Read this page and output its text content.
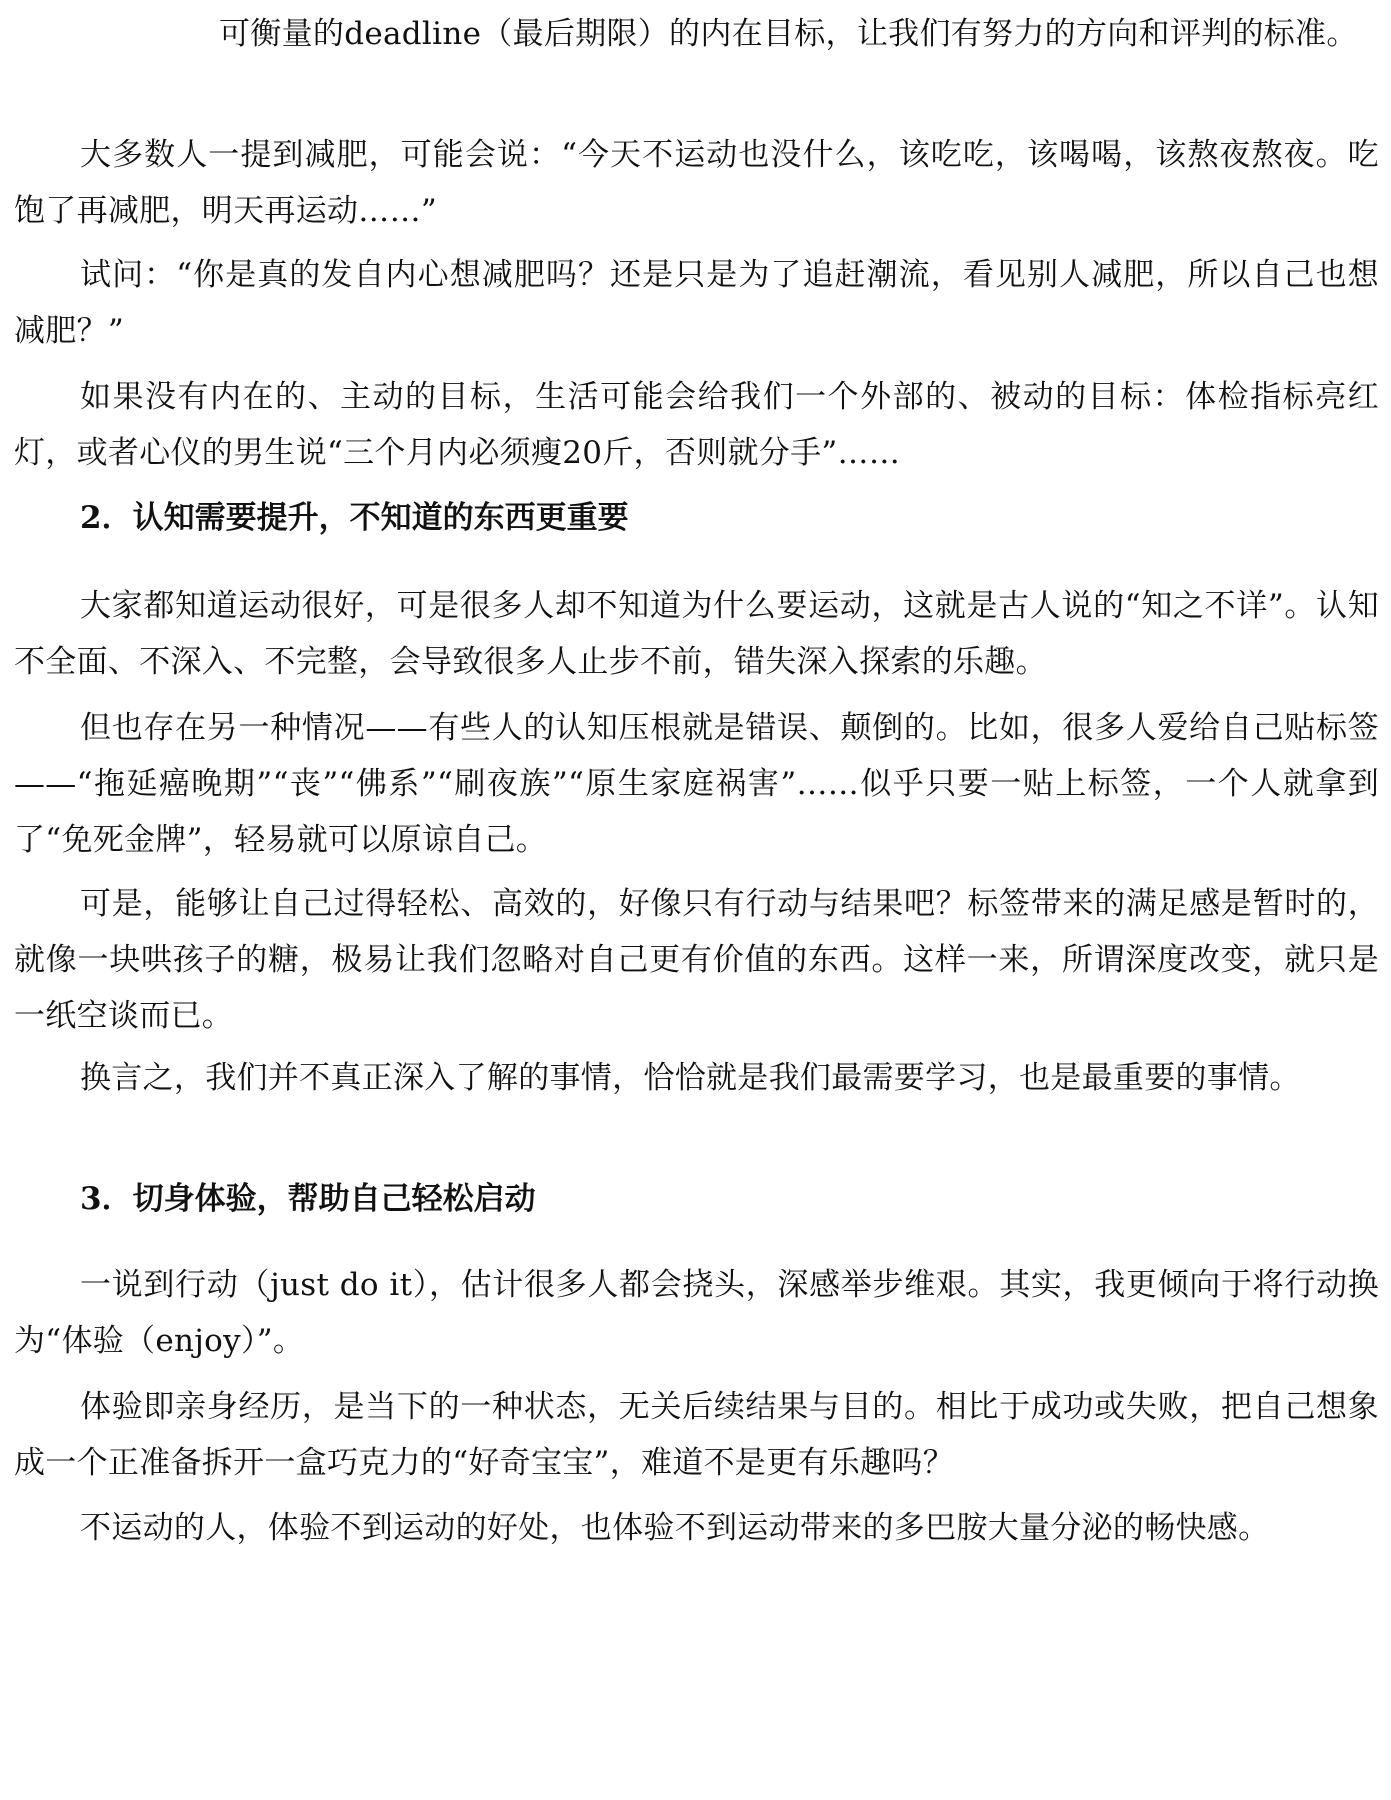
可衡量的deadline（最后期限）的内在目标，让我们有努力的方向和评判的标准。

大多数人一提到减肥，可能会说：“今天不运动也没什么，该吃吃，该喝喝，该熬夜熬夜。吃饱了再减肥，明天再运动……”

试问：“你是真的发自内心想减肥吗？还是只是为了追赶潮流，看见别人减肥，所以自己也想减肥？”

如果没有内在的、主动的目标，生活可能会给我们一个外部的、被动的目标：体检指标亮红灯，或者心仪的男生说“三个月内必须瘦20斤，否则就分手”……

2．认知需要提升，不知道的东西更重要

大家都知道运动很好，可是很多人却不知道为什么要运动，这就是古人说的“知之不详”。认知不全面、不深入、不完整，会导致很多人止步不前，错失深入探索的乐趣。

但也存在另一种情况——有些人的认知压根就是错误、颠倒的。比如，很多人爱给自己贴标签——“拖延癌晚期”“丧”“佛系”“刷夜族”“原生家庭祸害”……似乎只要一贴上标签，一个人就拿到了“免死金牌”，轻易就可以原谅自己。

可是，能够让自己过得轻松、高效的，好像只有行动与结果吧？标签带来的满足感是暂时的，就像一块哄孩子的糖，极易让我们忽略对自己更有价值的东西。这样一来，所谓深度改变，就只是一纸空谈而已。

换言之，我们并不真正深入了解的事情，恰恰就是我们最需要学习，也是最重要的事情。

3．切身体验，帮助自己轻松启动

一说到行动（just do it），估计很多人都会挠头，深感举步维艰。其实，我更倾向于将行动换为“体验（enjoy）”。

体验即亲身经历，是当下的一种状态，无关后续结果与目的。相比于成功或失败，把自己想象成一个正准备拆开一盒巧克力的“好奇宝宝”，难道不是更有乐趣吗？

不运动的人，体验不到运动的好处，也体验不到运动带来的多巴胺大量分泌的畅快感。
